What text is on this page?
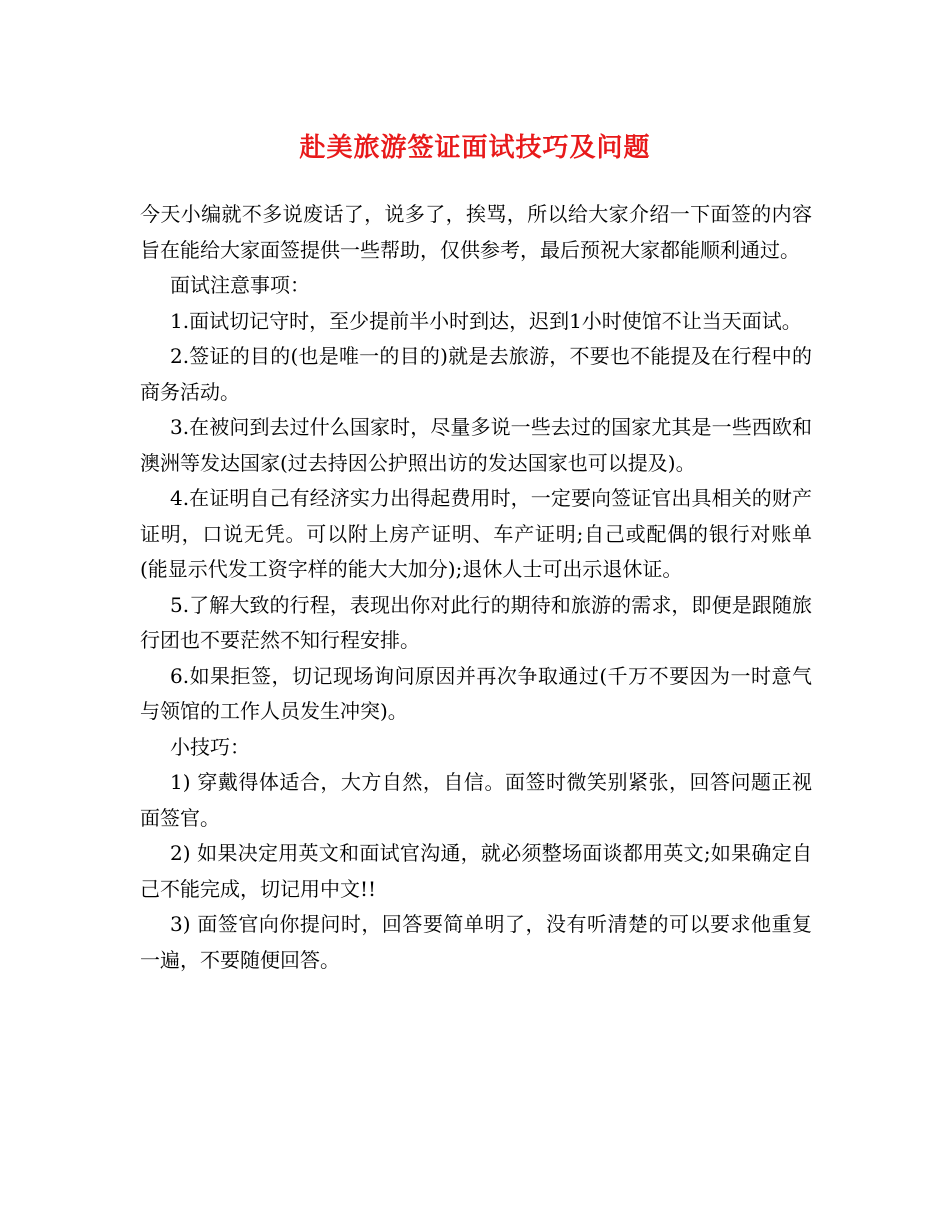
赴美旅游签证面试技巧及问题

今天小编就不多说废话了，说多了，挨骂，所以给大家介绍一下面签的内容旨在能给大家面签提供一些帮助，仅供参考，最后预祝大家都能顺利通过。

面试注意事项：

1.面试切记守时，至少提前半小时到达，迟到1小时使馆不让当天面试。

2.签证的目的(也是唯一的目的)就是去旅游，不要也不能提及在行程中的商务活动。

3.在被问到去过什么国家时，尽量多说一些去过的国家尤其是一些西欧和澳洲等发达国家(过去持因公护照出访的发达国家也可以提及)。

4.在证明自己有经济实力出得起费用时，一定要向签证官出具相关的财产证明，口说无凭。可以附上房产证明、车产证明;自己或配偶的银行对账单(能显示代发工资字样的能大大加分);退休人士可出示退休证。

5.了解大致的行程，表现出你对此行的期待和旅游的需求，即便是跟随旅行团也不要茫然不知行程安排。

6.如果拒签，切记现场询问原因并再次争取通过(千万不要因为一时意气与领馆的工作人员发生冲突)。

小技巧：

1) 穿戴得体适合，大方自然，自信。面签时微笑别紧张，回答问题正视面签官。

2) 如果决定用英文和面试官沟通，就必须整场面谈都用英文;如果确定自己不能完成，切记用中文!!

3) 面签官向你提问时，回答要简单明了，没有听清楚的可以要求他重复一遍，不要随便回答。
